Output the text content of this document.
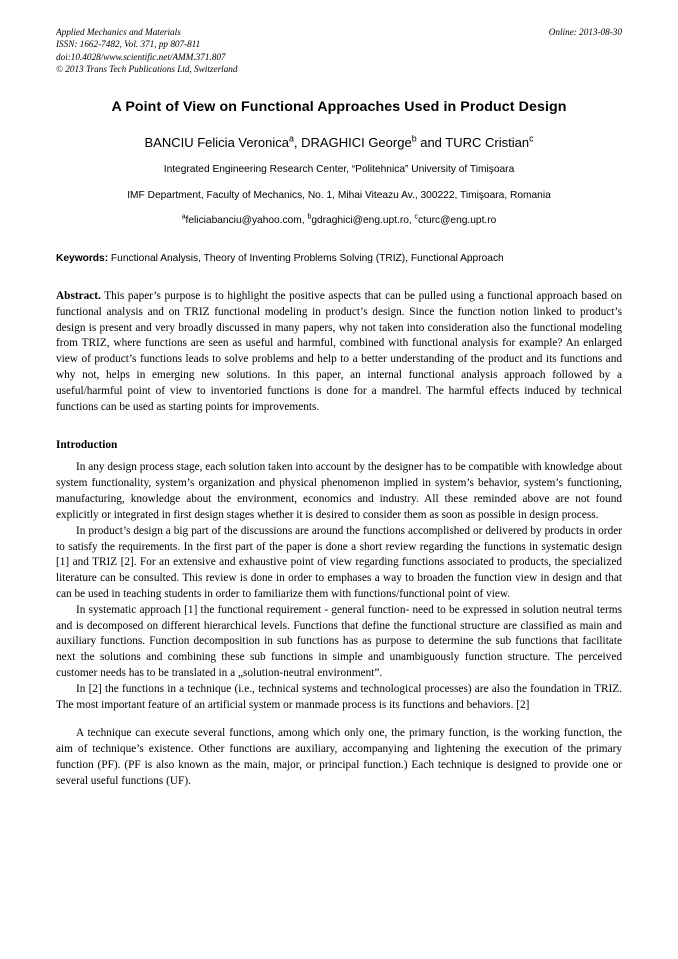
Applied Mechanics and Materials
ISSN: 1662-7482, Vol. 371, pp 807-811
doi:10.4028/www.scientific.net/AMM.371.807
© 2013 Trans Tech Publications Ltd, Switzerland
Online: 2013-08-30
A Point of View on Functional Approaches Used in Product Design
BANCIU Felicia Veronica$^a$, DRAGHICI George$^b$ and TURC Cristian$^c$
Integrated Engineering Research Center, “Politehnica” University of Timişoara
IMF Department, Faculty of Mechanics, No. 1, Mihai Viteazu Av., 300222, Timişoara, Romania
$^a$feliciabanciu@yahoo.com, $^b$gdraghici@eng.upt.ro, $^c$cturc@eng.upt.ro
Keywords: Functional Analysis, Theory of Inventing Problems Solving (TRIZ), Functional Approach
Abstract. This paper’s purpose is to highlight the positive aspects that can be pulled using a functional approach based on functional analysis and on TRIZ functional modeling in product’s design. Since the function notion linked to product’s design is present and very broadly discussed in many papers, why not taken into consideration also the functional modeling from TRIZ, where functions are seen as useful and harmful, combined with functional analysis for example? An enlarged view of product’s functions leads to solve problems and help to a better understanding of the product and its functions and why not, helps in emerging new solutions. In this paper, an internal functional analysis approach followed by a useful/harmful point of view to inventoried functions is done for a mandrel. The harmful effects induced by technical functions can be used as starting points for improvements.
Introduction

In any design process stage, each solution taken into account by the designer has to be compatible with knowledge about system functionality, system’s organization and physical phenomenon implied in system’s behavior, system’s functioning, manufacturing, knowledge about the environment, economics and industry. All these reminded above are not found explicitly or integrated in first design stages whether it is desired to consider them as soon as possible in design process.

In product’s design a big part of the discussions are around the functions accomplished or delivered by products in order to satisfy the requirements. In the first part of the paper is done a short review regarding the functions in systematic design [1] and TRIZ [2]. For an extensive and exhaustive point of view regarding functions associated to products, the specialized literature can be consulted. This review is done in order to emphases a way to broaden the function view in design and that can be used in teaching students in order to familiarize them with functions/functional point of view.

In systematic approach [1] the functional requirement - general function- need to be expressed in solution neutral terms and is decomposed on different hierarchical levels. Functions that define the functional structure are classified as main and auxiliary functions. Function decomposition in sub functions has as purpose to determine the sub functions that facilitate next the solutions and combining these sub functions in simple and unambiguously function structure. The perceived customer needs has to be translated in a „solution-neutral environment”.

In [2] the functions in a technique (i.e., technical systems and technological processes) are also the foundation in TRIZ. The most important feature of an artificial system or manmade process is its functions and behaviors. [2]

A technique can execute several functions, among which only one, the primary function, is the working function, the aim of technique’s existence. Other functions are auxiliary, accompanying and lightening the execution of the primary function (PF). (PF is also known as the main, major, or principal function.) Each technique is designed to provide one or several useful functions (UF).
